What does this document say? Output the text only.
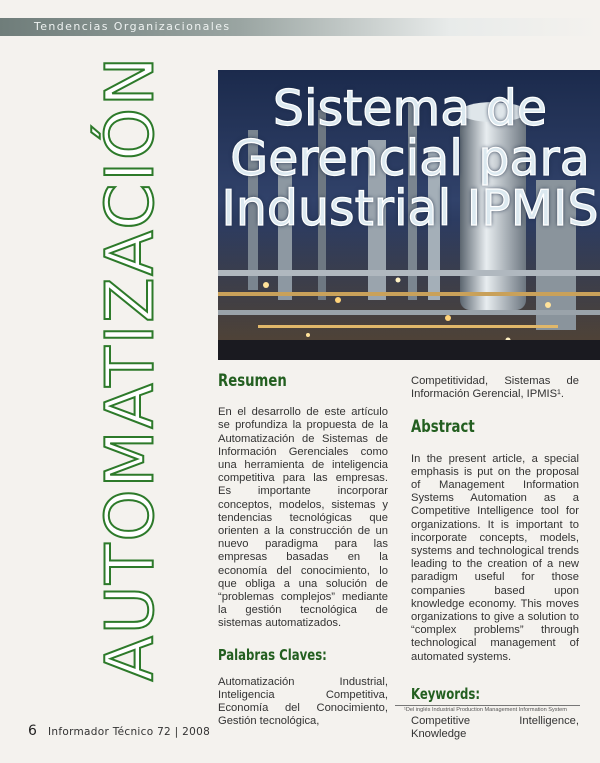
Tendencias Organizacionales
AUTOMATIZACIÓN	Sistema de
Gerencial para
Industrial IPMIS
Resumen

En el desarrollo de este artículo se profundiza la propuesta de la Automatización de Sistemas de Información Gerenciales como una herramienta de inteligencia competitiva para las empresas. Es importante incorporar conceptos, modelos, sistemas y tendencias tecnológicas que orienten a la construcción de un nuevo paradigma para las empresas basadas en la economía del conocimiento, lo que obliga a una solución de “problemas complejos” mediante la gestión tecnológica de sistemas automatizados.

Palabras Claves:

Automatización Industrial, Inteligencia Competitiva, Economía del Conocimiento, Gestión tecnológica,

Competitividad, Sistemas de Información Gerencial, IPMIS¹.

Abstract

In the present article, a special emphasis is put on the proposal of Management Information Systems Automation as a Competitive Intelligence tool for organizations. It is important to incorporate concepts, models, systems and technological trends leading to the creation of a new paradigm useful for those companies based upon knowledge economy. This moves organizations to give a solution to “complex problems” through technological management of automated systems.

Keywords:

Competitive Intelligence, Knowledge

¹Del inglés Industrial Production Management Information System
6 Informador Técnico 72 | 2008
